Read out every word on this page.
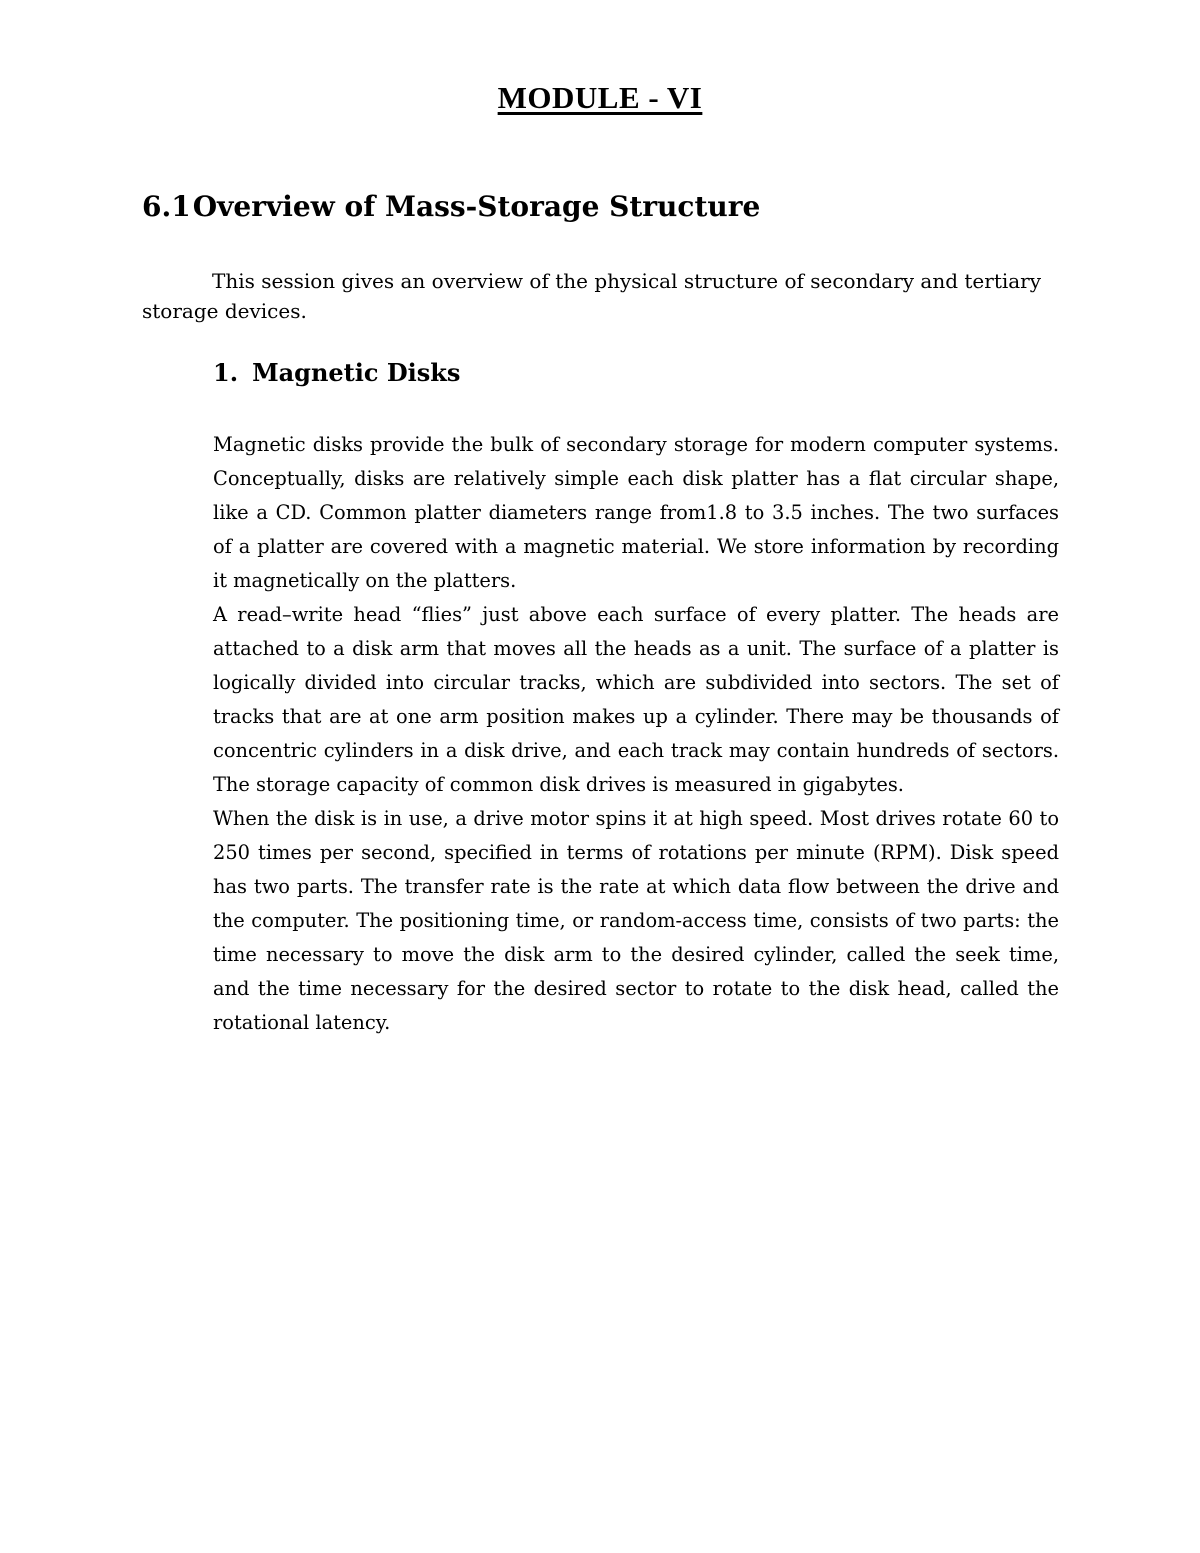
MODULE - VI
6.1Overview of Mass-Storage Structure
This session gives an overview of the physical structure of secondary and tertiary storage devices.
1. Magnetic Disks

Magnetic disks provide the bulk of secondary storage for modern computer systems. Conceptually, disks are relatively simple each disk platter has a flat circular shape, like a CD. Common platter diameters range from1.8 to 3.5 inches. The two surfaces of a platter are covered with a magnetic material. We store information by recording it magnetically on the platters.

A read–write head “flies” just above each surface of every platter. The heads are attached to a disk arm that moves all the heads as a unit. The surface of a platter is logically divided into circular tracks, which are subdivided into sectors. The set of tracks that are at one arm position makes up a cylinder. There may be thousands of concentric cylinders in a disk drive, and each track may contain hundreds of sectors. The storage capacity of common disk drives is measured in gigabytes.

When the disk is in use, a drive motor spins it at high speed. Most drives rotate 60 to 250 times per second, specified in terms of rotations per minute (RPM). Disk speed has two parts. The transfer rate is the rate at which data flow between the drive and the computer. The positioning time, or random-access time, consists of two parts: the time necessary to move the disk arm to the desired cylinder, called the seek time, and the time necessary for the desired sector to rotate to the disk head, called the rotational latency.
